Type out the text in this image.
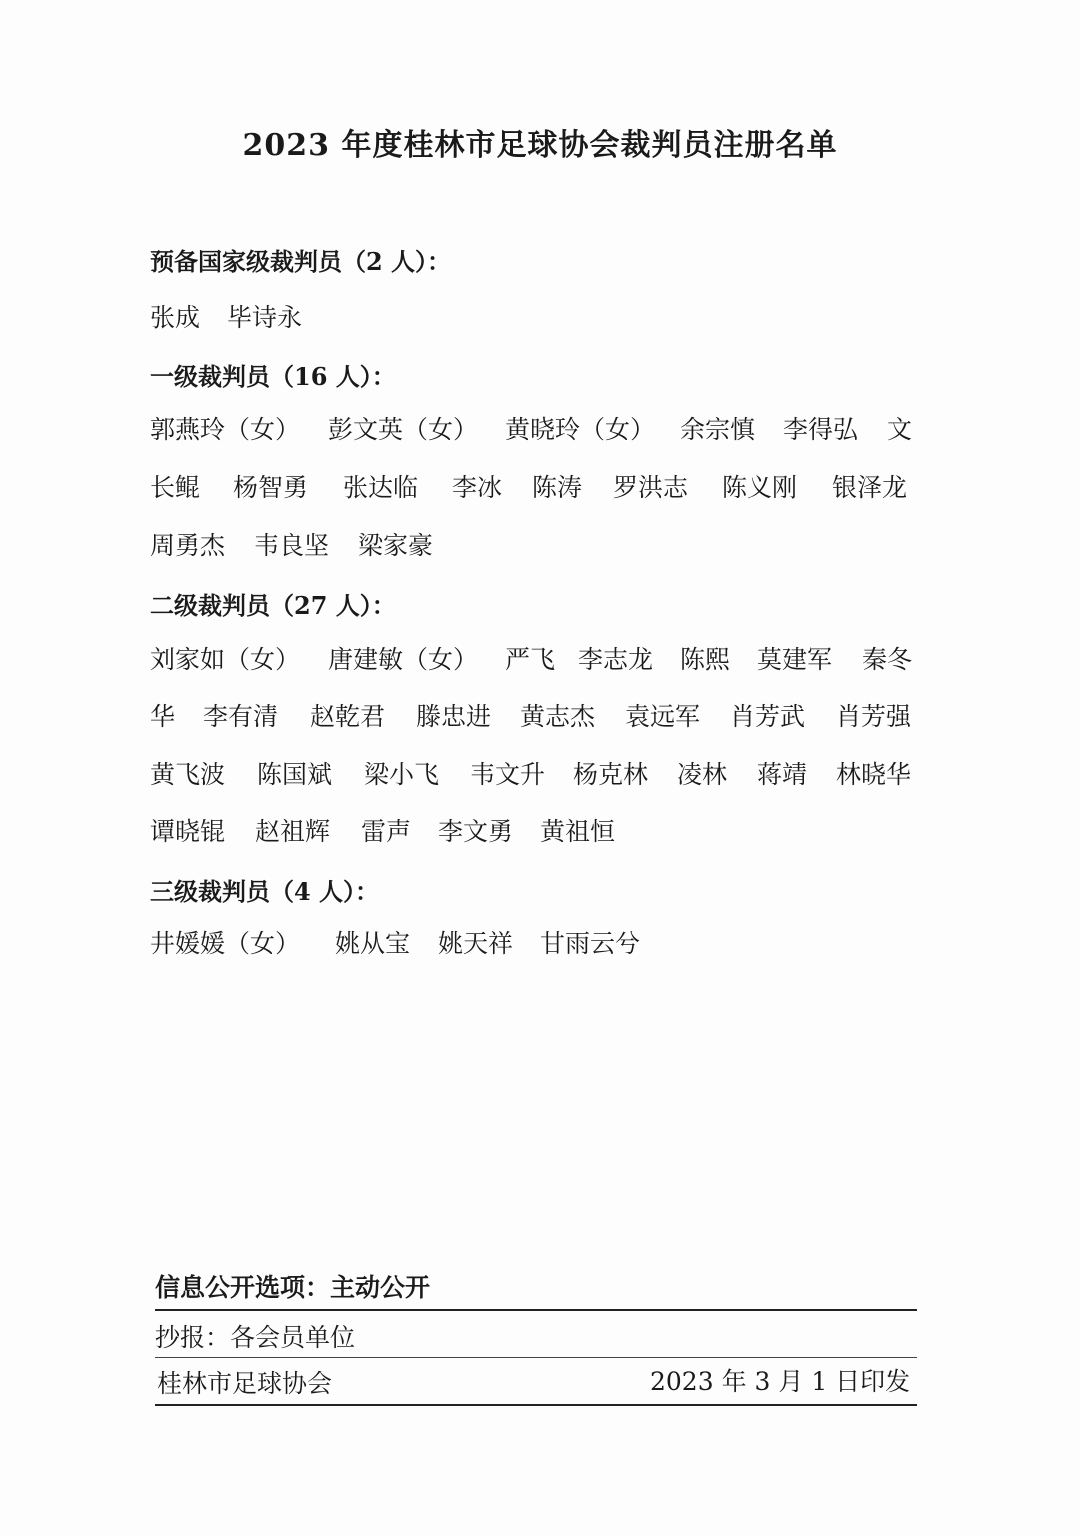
2023 年度桂林市足球协会裁判员注册名单
预备国家级裁判员（2 人）：
张成 毕诗永
一级裁判员（16 人）：
郭燕玲（女） 彭文英（女） 黄晓玲（女） 余宗慎 李得弘 文
长鲲 杨智勇 张达临 李冰 陈涛 罗洪志 陈义刚 银泽龙
周勇杰 韦良坚 梁家豪
二级裁判员（27 人）：
刘家如（女） 唐建敏（女） 严飞 李志龙 陈熙 莫建军 秦冬
华 李有清 赵乾君 滕忠进 黄志杰 袁远军 肖芳武 肖芳强
黄飞波 陈国斌 梁小飞 韦文升 杨克林 凌林 蒋靖 林晓华
谭晓锟 赵祖辉 雷声 李文勇 黄祖恒
三级裁判员（4 人）：
井媛媛（女） 姚从宝 姚天祥 甘雨云兮
信息公开选项：主动公开
抄报：各会员单位
桂林市足球协会	2023 年 3 月 1 日印发
